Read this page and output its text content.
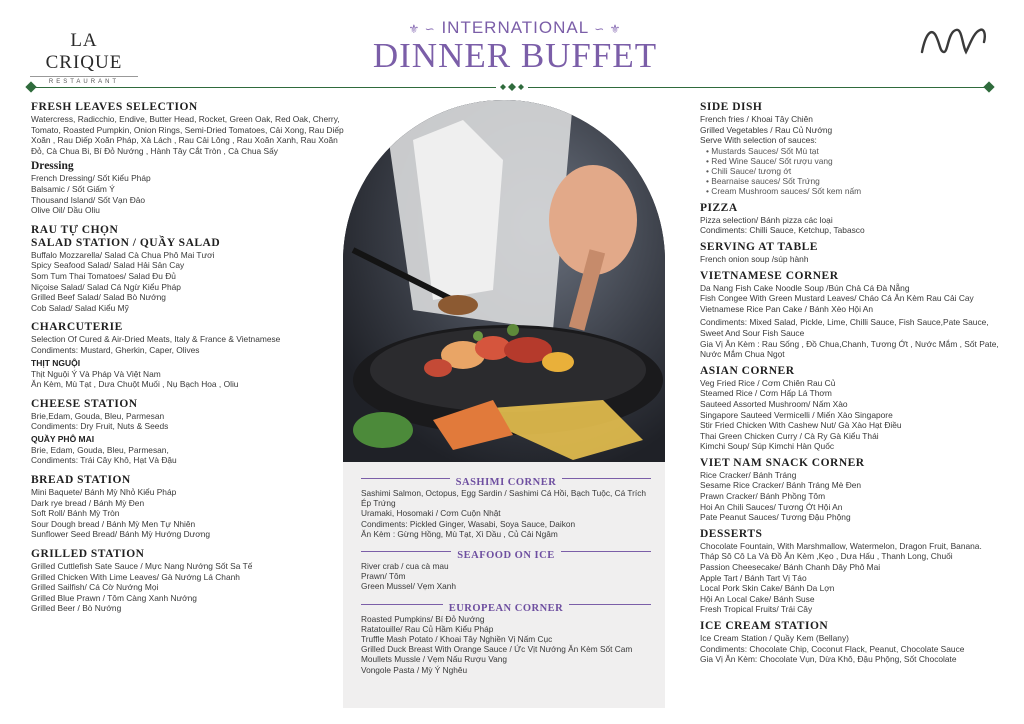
LA CRIQUE
RESTAURANT
⚜︎ ∽ INTERNATIONAL ∽ ⚜︎
DINNER BUFFET
FRESH LEAVES SELECTION
Watercress, Radicchio, Endive, Butter Head, Rocket, Green Oak, Red Oak, Cherry, Tomato, Roasted Pumpkin, Onion Rings, Semi-Dried Tomatoes, Cải Xong, Rau Diếp Xoăn , Rau Diếp Xoăn Pháp, Xà Lách , Rau Cải Lông , Rau Xoăn Xanh, Rau Xoăn Đỏ, Cà Chua Bi, Bí Đỏ Nướng , Hành Tây Cắt Tròn , Cà Chua Sấy
Dressing
French Dressing/ Sốt Kiểu Pháp
Balsamic / Sốt Giấm Ý
Thousand Island/ Sốt Vạn Đảo
Olive Oil/ Dầu Oliu
RAU TỰ CHỌN
SALAD STATION / QUẦY SALAD
Buffalo Mozzarella/ Salad Cà Chua Phô Mai Tươi
Spicy Seafood Salad/ Salad Hải Sản Cay
Som Tum Thai Tomatoes/ Salad Đu Đủ
Niçoise Salad/ Salad Cá Ngừ Kiểu Pháp
Grilled Beef Salad/ Salad Bò Nướng
Cob Salad/ Salad Kiểu Mỹ
CHARCUTERIE
Selection Of Cured & Air-Dried Meats, Italy & France & Vietnamese
Condiments: Mustard, Gherkin, Caper, Olives
THỊT NGUỘI
Thịt Nguội Ý Và Pháp Và Việt Nam
Ăn Kèm, Mù Tạt , Dưa Chuột Muối , Nụ Bạch Hoa , Oliu
CHEESE STATION
Brie,Edam, Gouda, Bleu, Parmesan
Condiments: Dry Fruit, Nuts & Seeds
QUẦY PHÔ MAI
Brie, Edam, Gouda, Bleu, Parmesan,
Condiments: Trái Cây Khô, Hạt Và Đậu
BREAD STATION
Mini Baquete/ Bánh Mỳ Nhỏ Kiểu Pháp
Dark rye bread / Bánh Mỳ Đen
Soft Roll/ Bánh Mỳ Tròn
Sour Dough bread / Bánh Mỳ Men Tự Nhiên
Sunflower Seed Bread/ Bánh Mỳ Hướng Dương
GRILLED STATION
Grilled Cuttlefish Sate Sauce / Mực Nang Nướng Sốt Sa Tế
Grilled Chicken With Lime Leaves/ Gà Nướng Lá Chanh
Grilled Sailfish/ Cá Cờ Nướng Mọi
Grilled Blue Prawn / Tôm Càng Xanh Nướng
Grilled Beer / Bò Nướng
SASHIMI CORNER
Sashimi Salmon, Octopus, Egg Sardin / Sashimi Cá Hồi, Bạch Tuộc, Cá Trích Ép Trứng
Uramaki, Hosomaki / Cơm Cuộn Nhật
Condiments: Pickled Ginger, Wasabi, Soya Sauce, Daikon
Ăn Kèm : Gừng Hồng, Mù Tạt, Xì Dầu , Củ Cải Ngâm
SEAFOOD ON ICE
River crab / cua cà mau
Prawn/ Tôm
Green Mussel/ Vẹm Xanh
EUROPEAN CORNER
Roasted Pumpkins/ Bí Đỏ Nướng
Ratatouille/ Rau Củ Hầm Kiểu Pháp
Truffle Mash Potato / Khoai Tây Nghiền Vị Nấm Cục
Grilled Duck Breast With Orange Sauce / Ức Vịt Nướng Ăn Kèm Sốt Cam
Moullets Mussle / Vẹm Nấu Rượu Vang
Vongole Pasta / Mỳ Ý Nghêu
SIDE DISH
French fries / Khoai Tây Chiên
Grilled Vegetables / Rau Củ Nướng
Serve With selection of sauces:
• Mustards Sauces/ Sốt Mù tạt
• Red Wine Sauce/ Sốt rượu vang
• Chili Sauce/ tương ớt
• Bearnaise sauces/ Sốt Trứng
• Cream Mushroom sauces/ Sốt kem nấm
PIZZA
Pizza selection/ Bánh pizza các loại
Condiments: Chilli Sauce, Ketchup, Tabasco
SERVING AT TABLE
French onion soup /súp hành
VIETNAMESE CORNER
Da Nang Fish Cake Noodle Soup /Bún Chả Cá Đà Nẵng
Fish Congee With Green Mustard Leaves/ Cháo Cá Ăn Kèm Rau Cải Cay
Vietnamese Rice Pan Cake / Bánh Xèo Hội An
Condiments: Mixed Salad, Pickle, Lime, Chilli Sauce, Fish Sauce,Pate Sauce, Sweet And Sour Fish Sauce
Gia Vị Ăn Kèm : Rau Sống , Đồ Chua,Chanh, Tương Ớt , Nước Mắm , Sốt Pate, Nước Mắm Chua Ngọt
ASIAN CORNER
Veg Fried Rice / Cơm Chiên Rau Củ
Steamed Rice / Cơm Hấp Lá Thơm
Sauteed Assorted Mushroom/ Nấm Xào
Singapore Sauteed Vermicelli / Miến Xào Singapore
Stir Fried Chicken With Cashew Nut/ Gà Xào Hạt Điều
Thai Green Chicken Curry / Cà Ry Gà Kiểu Thái
Kimchi Soup/ Súp Kimchi Hàn Quốc
VIET NAM SNACK CORNER
Rice Cracker/ Bánh Tráng
Sesame Rice Cracker/ Bánh Tráng Mè Đen
Prawn Cracker/ Bánh Phồng Tôm
Hoi An Chili Sauces/ Tương Ớt Hội An
Pate Peanut Sauces/ Tương Đậu Phộng
DESSERTS
Chocolate Fountain, With Marshmallow, Watermelon, Dragon Fruit, Banana.
Tháp Sô Cô La Và Đồ Ăn Kèm ,Kẹo , Dưa Hấu , Thanh Long, Chuối
Passion Cheesecake/ Bánh Chanh Dây Phô Mai
Apple Tart / Bánh Tart Vị Táo
Local Pork Skin Cake/ Bánh Da Lợn
Hội An Local Cake/ Bánh Suse
Fresh Tropical Fruits/ Trái Cây
ICE CREAM STATION
Ice Cream Station / Quầy Kem (Bellany)
Condiments: Chocolate Chip, Coconut Flack, Peanut, Chocolate Sauce
Gia Vị Ăn Kèm: Chocolate Vụn, Dừa Khô, Đậu Phộng, Sốt Chocolate
